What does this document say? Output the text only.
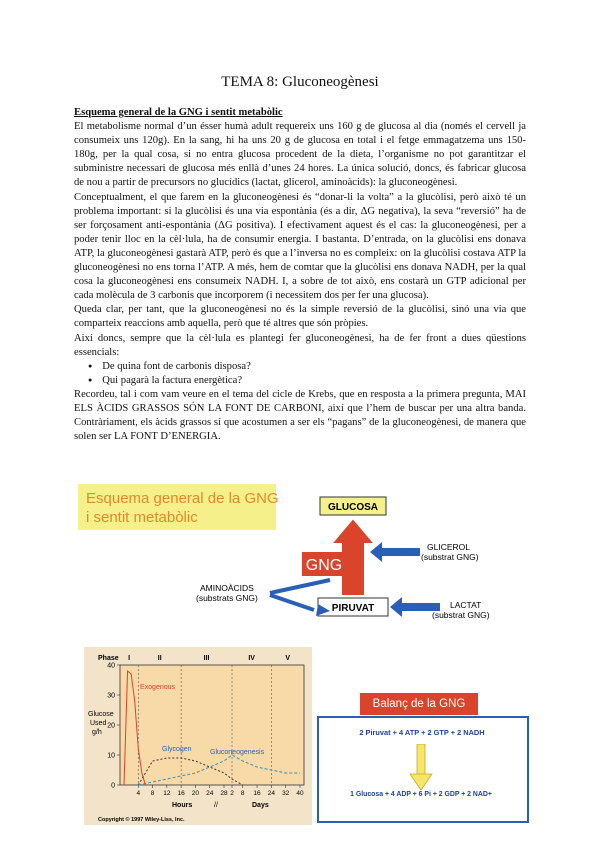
TEMA 8: Gluconeogènesi

Esquema general de la GNG i sentit metabòlic

El metabolisme normal d’un ésser humà adult requereix uns 160 g de glucosa al dia (només el cervell ja consumeix uns 120g). En la sang, hi ha uns 20 g de glucosa en total i el fetge emmagatzema uns 150-180g, per la qual cosa, si no entra glucosa procedent de la dieta, l’organisme no pot garantitzar el subministre necessari de glucosa més enllà d’unes 24 hores. La única solució, doncs, és fabricar glucosa de nou a partir de precursors no glucídics (lactat, glicerol, aminoàcids): la gluconeogènesi.

Conceptualment, el que farem en la gluconeogènesi és “donar-li la volta” a la glucòlisi, però això té un problema important: si la glucòlisi és una via espontània (és a dir, ΔG negativa), la seva “reversió” ha de ser forçosament anti-espontània (ΔG positiva). I efectivament aquest és el cas: la gluconeogènesi, per a poder tenir lloc en la cèl·lula, ha de consumir energia. I bastanta. D’entrada, on la glucòlisi ens donava ATP, la gluconeogènesi gastarà ATP, però és que a l’inversa no es compleix: on la glucòlisi costava ATP la gluconeogènesi no ens torna l’ATP. A més, hem de comtar que la glucòlisi ens donava NADH, per la qual cosa la gluconeogènesi ens consumeix NADH. I, a sobre de tot això, ens costarà un GTP adicional per cada molècula de 3 carbonis que incorporem (i necessitem dos per fer una glucosa).

Queda clar, per tant, que la gluconeogènesi no és la simple reversió de la glucòlisi, sinó una via que comparteix reaccions amb aquella, però que té altres que són pròpies.

Així doncs, sempre que la cèl·lula es plantegi fer gluconeogènesi, ha de fer front a dues qüestions essencials:

● De quina font de carbonis disposa?
● Qui pagarà la factura energètica?

Recordeu, tal i com vam veure en el tema del cicle de Krebs, que en resposta a la primera pregunta, MAI ELS ÀCIDS GRASSOS SÓN LA FONT DE CARBONI, així que l’hem de buscar per una altra banda. Contràriament, els àcids grassos sí que acostumen a ser els “pagans” de la gluconeogènesi, de manera que solen ser LA FONT D’ENERGIA.

Esquema general de la GNG
i sentit metabòlic
GLUCOSA
GNG
PIRUVAT
GLICEROL
(substrat GNG)
LACTAT
(substrat GNG)
AMINOÀCIDS
(substrats GNG)
Phase I	II	III	IV	V
0
10
20
30
40
4 8 12 16 20 24 28 2 8 16 24 32 40
Glucose
Used
g/h
Exogenous
Glycogen	Gluconeogenesis
Hours	Days
//
Copyright © 1997 Wiley-Liss, Inc.
Balanç de la GNG
2 Piruvat + 4 ATP + 2 GTP + 2 NADH
1 Glucosa + 4 ADP + 6 Pi + 2 GDP + 2 NAD+
